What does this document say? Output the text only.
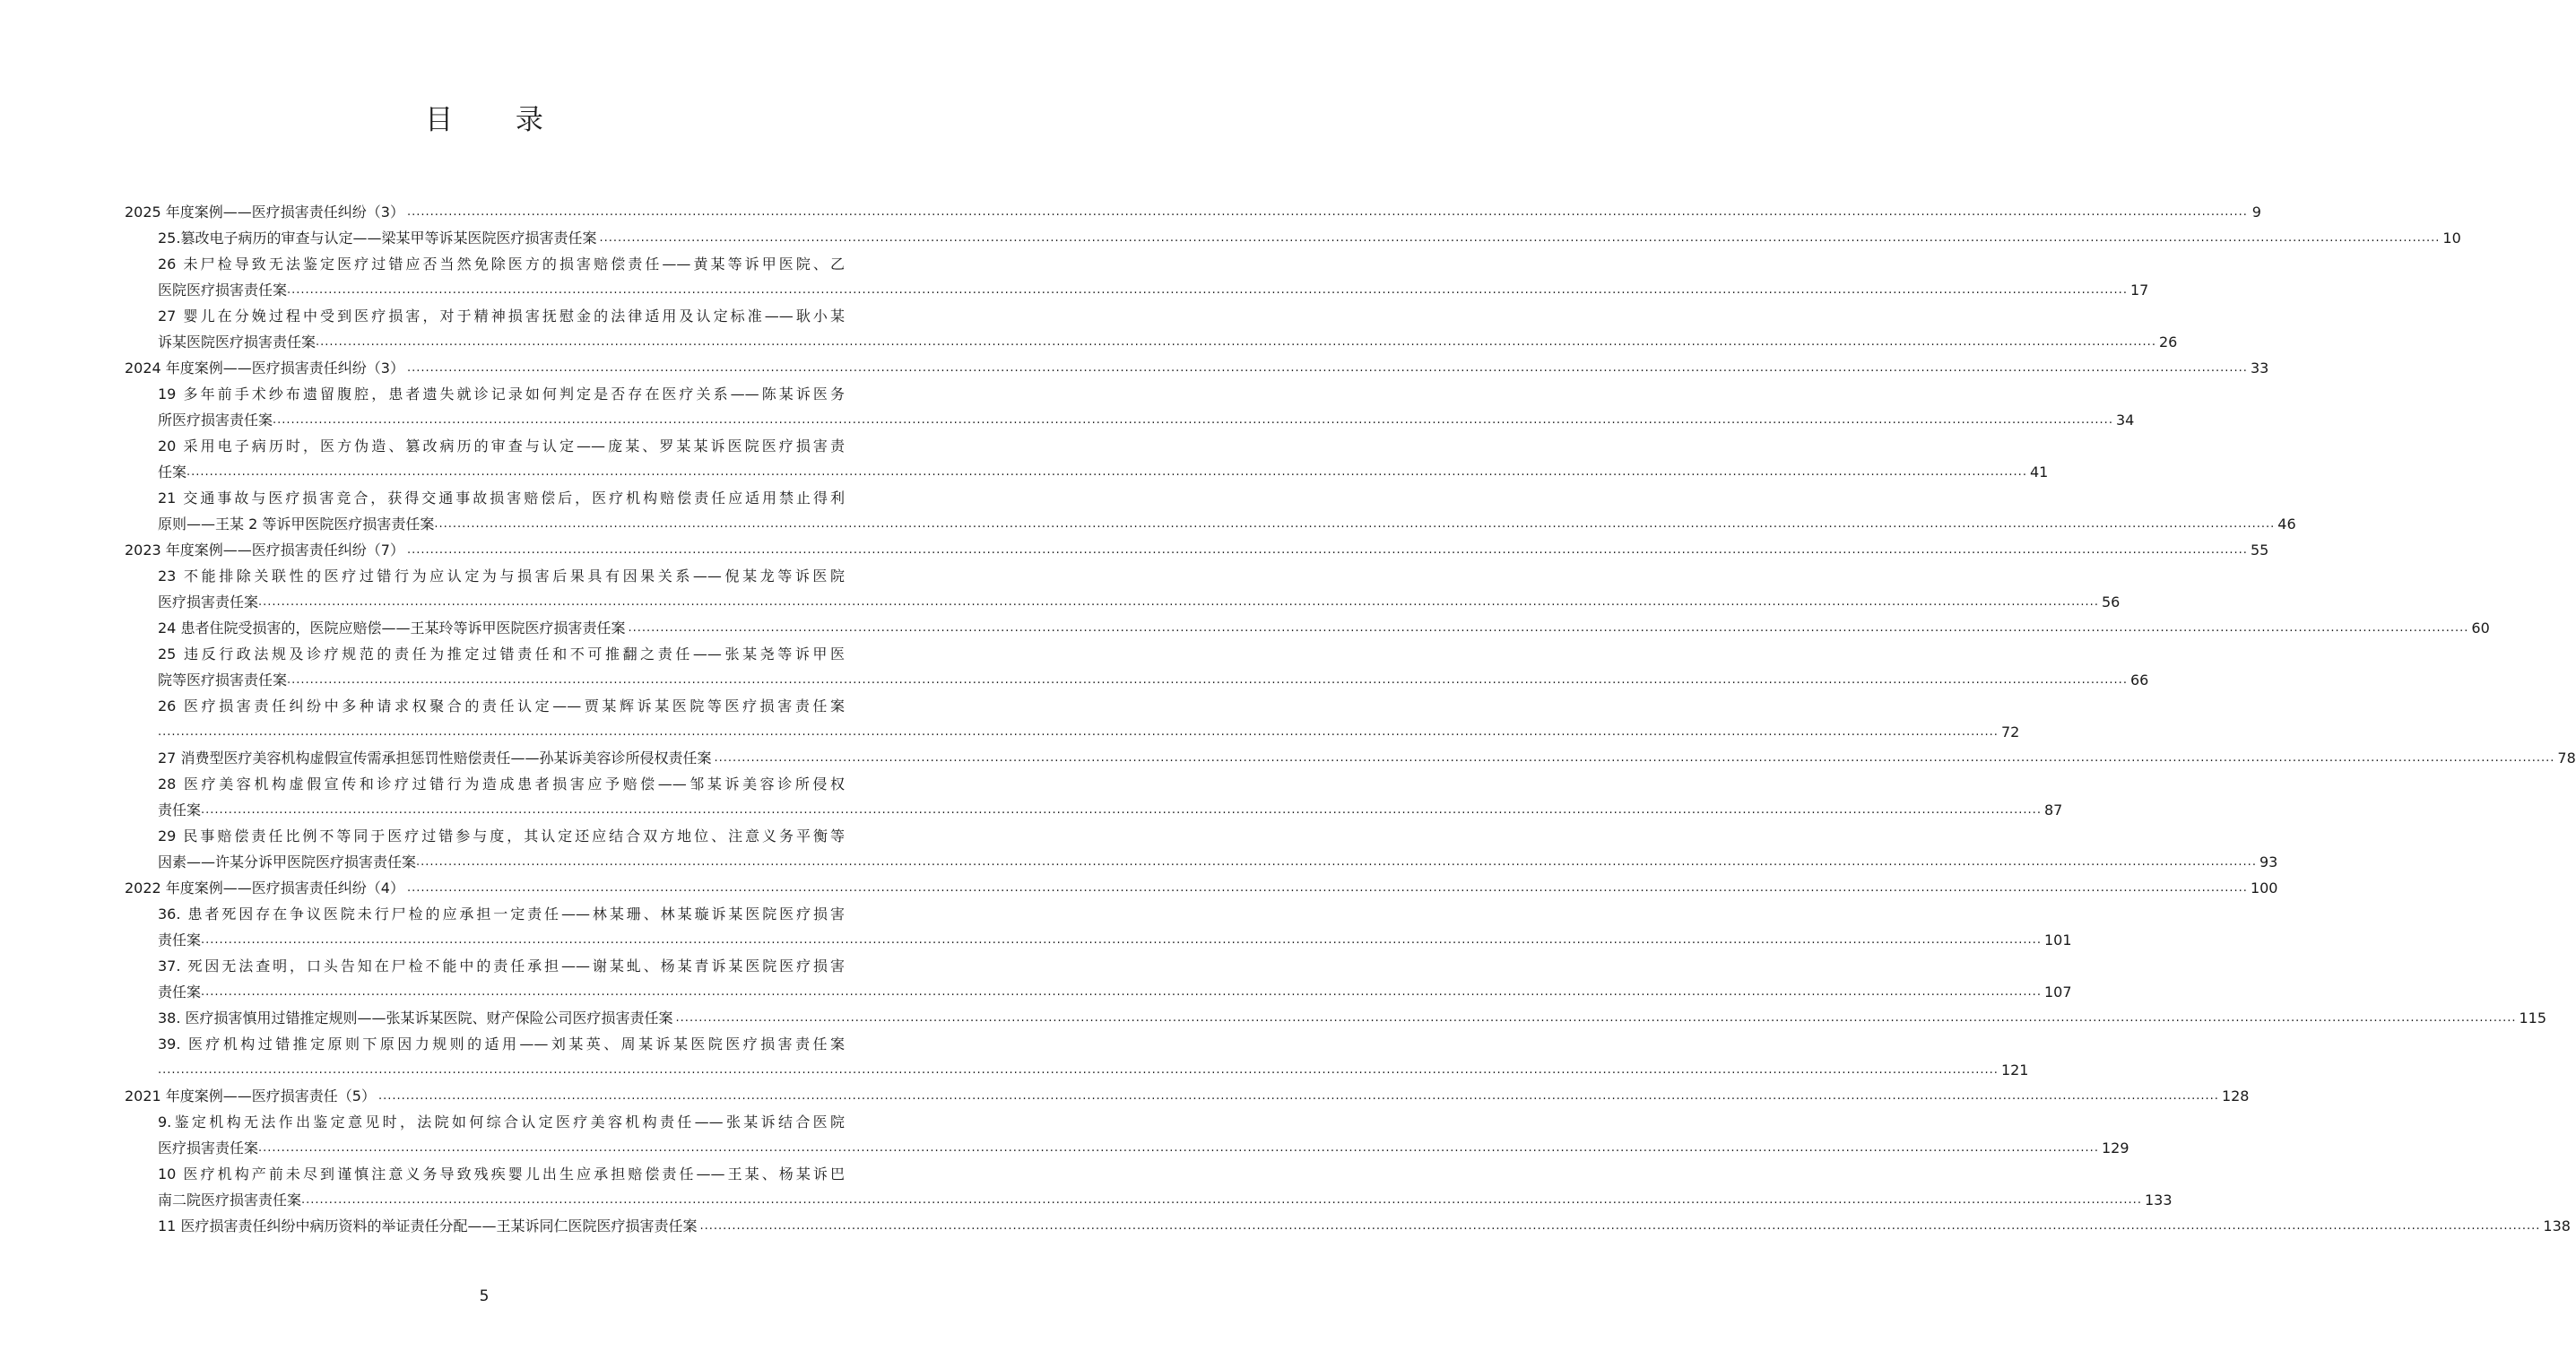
目 录
2025 年度案例——医疗损害责任纠纷（3） ................................................................................................................................................................................................................................................................................................................................................................................................................ 9
25.篡改电子病历的审查与认定——梁某甲等诉某医院医疗损害责任案 ................................................................................................................................................................................................................................................................................................................................................................................................................ 10
26 未尸检导致无法鉴定医疗过错应否当然免除医方的损害赔偿责任——黄某等诉甲医院、乙
医院医疗损害责任案 ................................................................................................................................................................................................................................................................................................................................................................................................................ 17
27 婴儿在分娩过程中受到医疗损害，对于精神损害抚慰金的法律适用及认定标准——耿小某
诉某医院医疗损害责任案 ................................................................................................................................................................................................................................................................................................................................................................................................................ 26
2024 年度案例——医疗损害责任纠纷（3） ................................................................................................................................................................................................................................................................................................................................................................................................................ 33
19 多年前手术纱布遗留腹腔，患者遗失就诊记录如何判定是否存在医疗关系——陈某诉医务
所医疗损害责任案 ................................................................................................................................................................................................................................................................................................................................................................................................................ 34
20 采用电子病历时，医方伪造、篡改病历的审查与认定——庞某、罗某某诉医院医疗损害责
任案 ................................................................................................................................................................................................................................................................................................................................................................................................................ 41
21 交通事故与医疗损害竞合，获得交通事故损害赔偿后，医疗机构赔偿责任应适用禁止得利
原则——王某 2 等诉甲医院医疗损害责任案 ................................................................................................................................................................................................................................................................................................................................................................................................................ 46
2023 年度案例——医疗损害责任纠纷（7） ................................................................................................................................................................................................................................................................................................................................................................................................................ 55
23 不能排除关联性的医疗过错行为应认定为与损害后果具有因果关系——倪某龙等诉医院
医疗损害责任案 ................................................................................................................................................................................................................................................................................................................................................................................................................ 56
24 患者住院受损害的，医院应赔偿——王某玲等诉甲医院医疗损害责任案 ................................................................................................................................................................................................................................................................................................................................................................................................................ 60
25 违反行政法规及诊疗规范的责任为推定过错责任和不可推翻之责任——张某尧等诉甲医
院等医疗损害责任案 ................................................................................................................................................................................................................................................................................................................................................................................................................ 66
26 医疗损害责任纠纷中多种请求权聚合的责任认定——贾某辉诉某医院等医疗损害责任案
................................................................................................................................................................................................................................................................................................................................................................................................................ 72
27 消费型医疗美容机构虚假宣传需承担惩罚性赔偿责任——孙某诉美容诊所侵权责任案 ................................................................................................................................................................................................................................................................................................................................................................................................................ 78
28 医疗美容机构虚假宣传和诊疗过错行为造成患者损害应予赔偿——邹某诉美容诊所侵权
责任案 ................................................................................................................................................................................................................................................................................................................................................................................................................ 87
29 民事赔偿责任比例不等同于医疗过错参与度，其认定还应结合双方地位、注意义务平衡等
因素——许某分诉甲医院医疗损害责任案 ................................................................................................................................................................................................................................................................................................................................................................................................................ 93
2022 年度案例——医疗损害责任纠纷（4） ................................................................................................................................................................................................................................................................................................................................................................................................................ 100
36. 患者死因存在争议医院未行尸检的应承担一定责任——林某珊、林某璇诉某医院医疗损害
责任案 ................................................................................................................................................................................................................................................................................................................................................................................................................ 101
37. 死因无法查明，口头告知在尸检不能中的责任承担——谢某虬、杨某青诉某医院医疗损害
责任案 ................................................................................................................................................................................................................................................................................................................................................................................................................ 107
38. 医疗损害慎用过错推定规则——张某诉某医院、财产保险公司医疗损害责任案 ................................................................................................................................................................................................................................................................................................................................................................................................................ 115
39. 医疗机构过错推定原则下原因力规则的适用——刘某英、周某诉某医院医疗损害责任案
................................................................................................................................................................................................................................................................................................................................................................................................................ 121
2021 年度案例——医疗损害责任（5） ................................................................................................................................................................................................................................................................................................................................................................................................................ 128
9.鉴定机构无法作出鉴定意见时，法院如何综合认定医疗美容机构责任——张某诉结合医院
医疗损害责任案 ................................................................................................................................................................................................................................................................................................................................................................................................................ 129
10 医疗机构产前未尽到谨慎注意义务导致残疾婴儿出生应承担赔偿责任——王某、杨某诉巴
南二院医疗损害责任案 ................................................................................................................................................................................................................................................................................................................................................................................................................ 133
11 医疗损害责任纠纷中病历资料的举证责任分配——王某诉同仁医院医疗损害责任案 ................................................................................................................................................................................................................................................................................................................................................................................................................ 138
5
